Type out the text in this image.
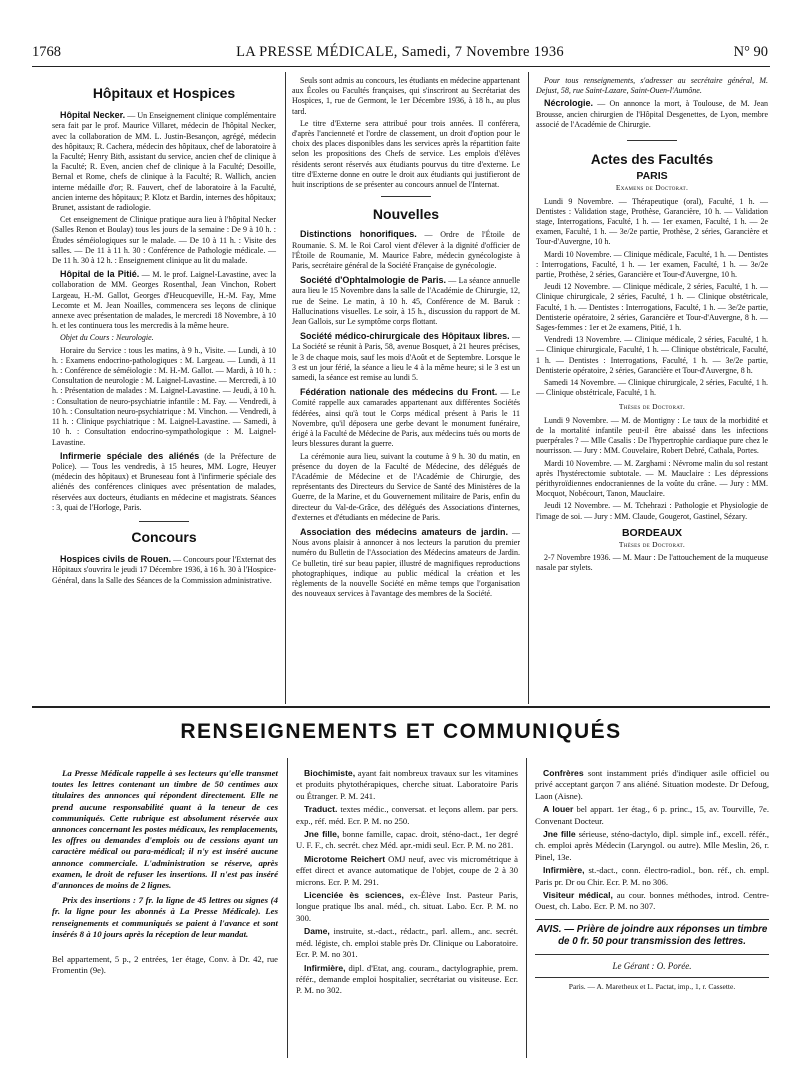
1768	LA PRESSE MÉDICALE, Samedi, 7 Novembre 1936	N° 90
Hôpitaux et Hospices

Hôpital Necker. — Un Enseignement clinique complémentaire sera fait par le prof. Maurice Villaret, médecin de l'hôpital Necker, avec la collaboration de MM. L. Justin-Besançon, agrégé, médecin des hôpitaux; R. Cachera, médecin des hôpitaux, chef de laboratoire à la Faculté; Henry Bith, assistant du service, ancien chef de clinique à la Faculté; R. Even, ancien chef de clinique à la Faculté; Desoille, Bernal et Rome, chefs de clinique à la Faculté; R. Wallich, ancien interne médaille d'or; R. Fauvert, chef de laboratoire à la Faculté, ancien interne des hôpitaux; P. Klotz et Bardin, internes des hôpitaux; Brunet, assistant de radiologie.

Cet enseignement de Clinique pratique aura lieu à l'hôpital Necker (Salles Renon et Boulay) tous les jours de la semaine : De 9 à 10 h. : Études séméiologiques sur le malade. — De 10 à 11 h. : Visite des salles. — De 11 à 11 h. 30 : Conférence de Pathologie médicale. — De 11 h. 30 à 12 h. : Enseignement clinique au lit du malade.

Hôpital de la Pitié. — M. le prof. Laignel-Lavastine, avec la collaboration de MM. Georges Rosenthal, Jean Vinchon, Robert Largeau, H.-M. Gallot, Georges d'Heucqueville, H.-M. Fay, Mme Lecomte et M. Jean Noailles, commencera ses leçons de clinique annexe avec présentation de malades, le mercredi 18 Novembre, à 10 h. et les continuera tous les mercredis à la même heure.

Objet du Cours : Neurologie.

Horaire du Service : tous les matins, à 9 h., Visite. — Lundi, à 10 h. : Examens endocrino-pathologiques : M. Largeau. — Lundi, à 11 h. : Conférence de séméiologie : M. H.-M. Gallot. — Mardi, à 10 h. : Consultation de neurologie : M. Laignel-Lavastine. — Mercredi, à 10 h. : Présentation de malades : M. Laignel-Lavastine. — Jeudi, à 10 h. : Consultation de neuro-psychiatrie infantile : M. Fay. — Vendredi, à 10 h. : Consultation neuro-psychiatrique : M. Vinchon. — Vendredi, à 11 h. : Clinique psychiatrique : M. Laignel-Lavastine. — Samedi, à 10 h. : Consultation endocrino-sympathologique : M. Laignel-Lavastine.

Infirmerie spéciale des aliénés (de la Préfecture de Police). — Tous les vendredis, à 15 heures, MM. Logre, Heuyer (médecin des hôpitaux) et Bruneseau font à l'infirmerie spéciale des aliénés des conférences cliniques avec présentation de malades, réservées aux docteurs, étudiants en médecine et magistrats. Séances : 3, quai de l'Horloge, Paris.

Concours

Hospices civils de Rouen. — Concours pour l'Externat des Hôpitaux s'ouvrira le jeudi 17 Décembre 1936, à 16 h. 30 à l'Hospice-Général, dans la Salle des Séances de la Commission administrative.

Seuls sont admis au concours, les étudiants en médecine appartenant aux Écoles ou Facultés françaises, qui s'inscriront au Secrétariat des Hospices, 1, rue de Germont, le 1er Décembre 1936, à 18 h., au plus tard.

Le titre d'Externe sera attribué pour trois années. Il conférera, d'après l'ancienneté et l'ordre de classement, un droit d'option pour le choix des places disponibles dans les services après la répartition faite selon les propositions des Chefs de service. Les emplois d'élèves résidents seront réservés aux étudiants pourvus du titre d'externe. Le titre d'Externe donne en outre le droit aux étudiants qui justifieront de huit inscriptions de se présenter au concours annuel de l'Internat.

Nouvelles

Distinctions honorifiques. — Ordre de l'Étoile de Roumanie. S. M. le Roi Carol vient d'élever à la dignité d'officier de l'Étoile de Roumanie, M. Maurice Fabre, médecin gynécologiste à Paris, secrétaire général de la Société Française de gynécologie.

Société d'Ophtalmologie de Paris. — La séance annuelle aura lieu le 15 Novembre dans la salle de l'Académie de Chirurgie, 12, rue de Seine. Le matin, à 10 h. 45, Conférence de M. Baruk : Hallucinations visuelles. Le soir, à 15 h., discussion du rapport de M. Jean Gallois, sur Le symptôme corps flottant.

Société médico-chirurgicale des Hôpitaux libres. — La Société se réunit à Paris, 58, avenue Bosquet, à 21 heures précises, le 3 de chaque mois, sauf les mois d'Août et de Septembre. Lorsque le 3 est un jour férié, la séance a lieu le 4 à la même heure; si le 3 est un samedi, la séance est remise au lundi 5.

Fédération nationale des médecins du Front. — Le Comité rappelle aux camarades appartenant aux différentes Sociétés fédérées, ainsi qu'à tout le Corps médical présent à Paris le 11 Novembre, qu'il déposera une gerbe devant le monument funéraire, érigé à la Faculté de Médecine de Paris, aux médecins tués ou morts de leurs blessures durant la guerre.

La cérémonie aura lieu, suivant la coutume à 9 h. 30 du matin, en présence du doyen de la Faculté de Médecine, des délégués de l'Académie de Médecine et de l'Académie de Chirurgie, des représentants des Directeurs du Service de Santé des Ministères de la Guerre, de la Marine, et du Gouvernement militaire de Paris, enfin du directeur du Val-de-Grâce, des délégués des Associations d'internes, d'externes et d'étudiants en médecine de Paris.

Association des médecins amateurs de jardin. — Nous avons plaisir à annoncer à nos lecteurs la parution du premier numéro du Bulletin de l'Association des Médecins amateurs de Jardin. Ce bulletin, tiré sur beau papier, illustré de magnifiques reproductions photographiques, indique au public médical la création et les règlements de la nouvelle Société en même temps que l'organisation des nouveaux services à l'avantage des membres de la Société.

Pour tous renseignements, s'adresser au secrétaire général, M. Dejust, 58, rue Saint-Lazare, Saint-Ouen-l'Aumône.

Nécrologie. — On annonce la mort, à Toulouse, de M. Jean Brousse, ancien chirurgien de l'Hôpital Desgenettes, de Lyon, membre associé de l'Académie de Chirurgie.

Actes des Facultés
PARIS
Examens de Doctorat.

Lundi 9 Novembre. — Thérapeutique (oral), Faculté, 1 h. — Dentistes : Validation stage, Prothèse, Garancière, 10 h. — Validation stage, Interrogations, Faculté, 1 h. — 1er examen, Faculté, 1 h. — 2e examen, Faculté, 1 h. — 3e/2e partie, Prothèse, 2 séries, Garancière et Tour-d'Auvergne, 10 h.

Mardi 10 Novembre. — Clinique médicale, Faculté, 1 h. — Dentistes : Interrogations, Faculté, 1 h. — 1er examen, Faculté, 1 h. — 3e/2e partie, Prothèse, 2 séries, Garancière et Tour-d'Auvergne, 10 h.

Jeudi 12 Novembre. — Clinique médicale, 2 séries, Faculté, 1 h. — Clinique chirurgicale, 2 séries, Faculté, 1 h. — Clinique obstétricale, Faculté, 1 h. — Dentistes : Interrogations, Faculté, 1 h. — 3e/2e partie, Dentisterie opératoire, 2 séries, Garancière et Tour-d'Auvergne, 8 h. — Sages-femmes : 1er et 2e examens, Pitié, 1 h.

Vendredi 13 Novembre. — Clinique médicale, 2 séries, Faculté, 1 h. — Clinique chirurgicale, Faculté, 1 h. — Clinique obstétricale, Faculté, 1 h. — Dentistes : Interrogations, Faculté, 1 h. — 3e/2e partie, Dentisterie opératoire, 2 séries, Garancière et Tour-d'Auvergne, 8 h.

Samedi 14 Novembre. — Clinique chirurgicale, 2 séries, Faculté, 1 h. — Clinique obstétricale, Faculté, 1 h.

Thèses de Doctorat.

Lundi 9 Novembre. — M. de Montigny : Le taux de la morbidité et de la mortalité infantile peut-il être abaissé dans les infections puerpérales ? — Mlle Casalis : De l'hypertrophie cardiaque pure chez le nourrisson. — Jury : MM. Couvelaire, Robert Debré, Cathala, Portes.

Mardi 10 Novembre. — M. Zarghami : Névrome malin du sol restant après l'hystérectomie subtotale. — M. Mauclaire : Les dépressions périthyroïdiennes endocraniennes de la voûte du crâne. — Jury : MM. Mocquot, Nobécourt, Tanon, Mauclaire.

Jeudi 12 Novembre. — M. Tchehrazi : Pathologie et Physiologie de l'image de soi. — Jury : MM. Claude, Gougerot, Gastinel, Sézary.

BORDEAUX
Thèses de Doctorat.

2-7 Novembre 1936. — M. Maur : De l'attouchement de la muqueuse nasale par stylets.

RENSEIGNEMENTS ET COMMUNIQUÉS

La Presse Médicale rappelle à ses lecteurs qu'elle transmet toutes les lettres contenant un timbre de 50 centimes aux titulaires des annonces qui répondent directement. Elle ne prend aucune responsabilité quant à la teneur de ces communiqués. Cette rubrique est absolument réservée aux annonces concernant les postes médicaux, les remplacements, les offres ou demandes d'emplois ou de cessions ayant un caractère médical ou para-médical; il n'y est inséré aucune annonce commerciale. L'administration se réserve, après examen, le droit de refuser les insertions. Il n'est pas inséré d'annonces de moins de 2 lignes.

Prix des insertions : 7 fr. la ligne de 45 lettres ou signes (4 fr. la ligne pour les abonnés à La Presse Médicale). Les renseignements et communiqués se paient à l'avance et sont insérés 8 à 10 jours après la réception de leur mandat.

Bel appartement, 5 p., 2 entrées, 1er étage, Conv. à Dr. 42, rue Fromentin (9e).

Biochimiste, ayant fait nombreux travaux sur les vitamines et produits phytothérapiques, cherche situat. Laboratoire Paris ou Étranger. P. M. 241.

Traduct. textes médic., conversat. et leçons allem. par pers. exp., réf. méd. Ecr. P. M. no 250.

Jne fille, bonne famille, capac. droit, sténo-dact., 1er degré U. F. F., ch. secrét. chez Méd. apr.-midi seul. Ecr. P. M. no 281.

Microtome Reichert OMJ neuf, avec vis micrométrique à effet direct et avance automatique de l'objet, coupe de 2 à 30 microns. Ecr. P. M. 291.

Licenciée ès sciences, ex-Élève Inst. Pasteur Paris, longue pratique lbs anal. méd., ch. situat. Labo. Ecr. P. M. no 300.

Dame, instruite, st.-dact., rédactr., parl. allem., anc. secrét. méd. légiste, ch. emploi stable près Dr. Clinique ou Laboratoire. Ecr. P. M. no 301.

Infirmière, dipl. d'Etat, ang. couram., dactylographie, prem. référ., demande emploi hospitalier, secrétariat ou visiteuse. Ecr. P. M. no 302.

Confrères sont instamment priés d'indiquer asile officiel ou privé acceptant garçon 7 ans aliéné. Situation modeste. Dr Defoug, Laon (Aisne).

A louer bel appart. 1er étag., 6 p. princ., 15, av. Tourville, 7e. Convenant Docteur.

Jne fille sérieuse, sténo-dactylo, dipl. simple inf., excell. référ., ch. emploi après Médecin (Laryngol. ou autre). Mlle Meslin, 26, r. Pinel, 13e.

Infirmière, st.-dact., conn. électro-radiol., bon. réf., ch. empl. Paris pr. Dr ou Chir. Ecr. P. M. no 306.

Visiteur médical, au cour. bonnes méthodes, introd. Centre-Ouest, ch. Labo. Ecr. P. M. no 307.

AVIS. — Prière de joindre aux réponses un timbre de 0 fr. 50 pour transmission des lettres.
Le Gérant : O. Porée.
Paris. — A. Maretheux et L. Pactat, imp., 1, r. Cassette.
